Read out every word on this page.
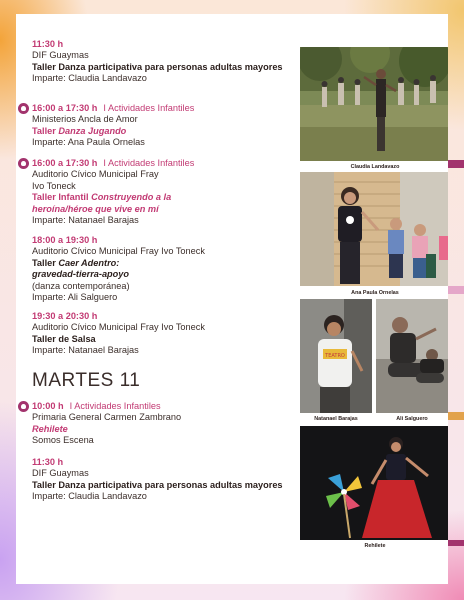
11:30 h
DIF Guaymas
Taller Danza participativa para personas adultas mayores
Imparte: Claudia Landavazo
16:00 a 17:30 h I Actividades Infantiles
Ministerios Ancla de Amor
Taller Danza Jugando
Imparte: Ana Paula Ornelas
16:00 a 17:30 h I Actividades Infantiles
Auditorio Cívico Municipal Fray Ivo Toneck
Taller Infantil Construyendo a la heroína/héroe que vive en mí
Imparte: Natanael Barajas
18:00 a 19:30 h
Auditorio Cívico Municipal Fray Ivo Toneck
Taller Caer Adentro: gravedad-tierra-apoyo
(danza contemporánea)
Imparte: Ali Salguero
19:30 a 20:30 h
Auditorio Cívico Municipal Fray Ivo Toneck
Taller de Salsa
Imparte: Natanael Barajas
MARTES 11
10:00 h I Actividades Infantiles
Primaria General Carmen Zambrano
Rehilete
Somos Escena
11:30 h
DIF Guaymas
Taller Danza participativa para personas adultas mayores
Imparte: Claudia Landavazo
Claudia Landavazo
Ana Paula Ornelas
TEATRO
Natanael Barajas	Ali Salguero
Rehilete
